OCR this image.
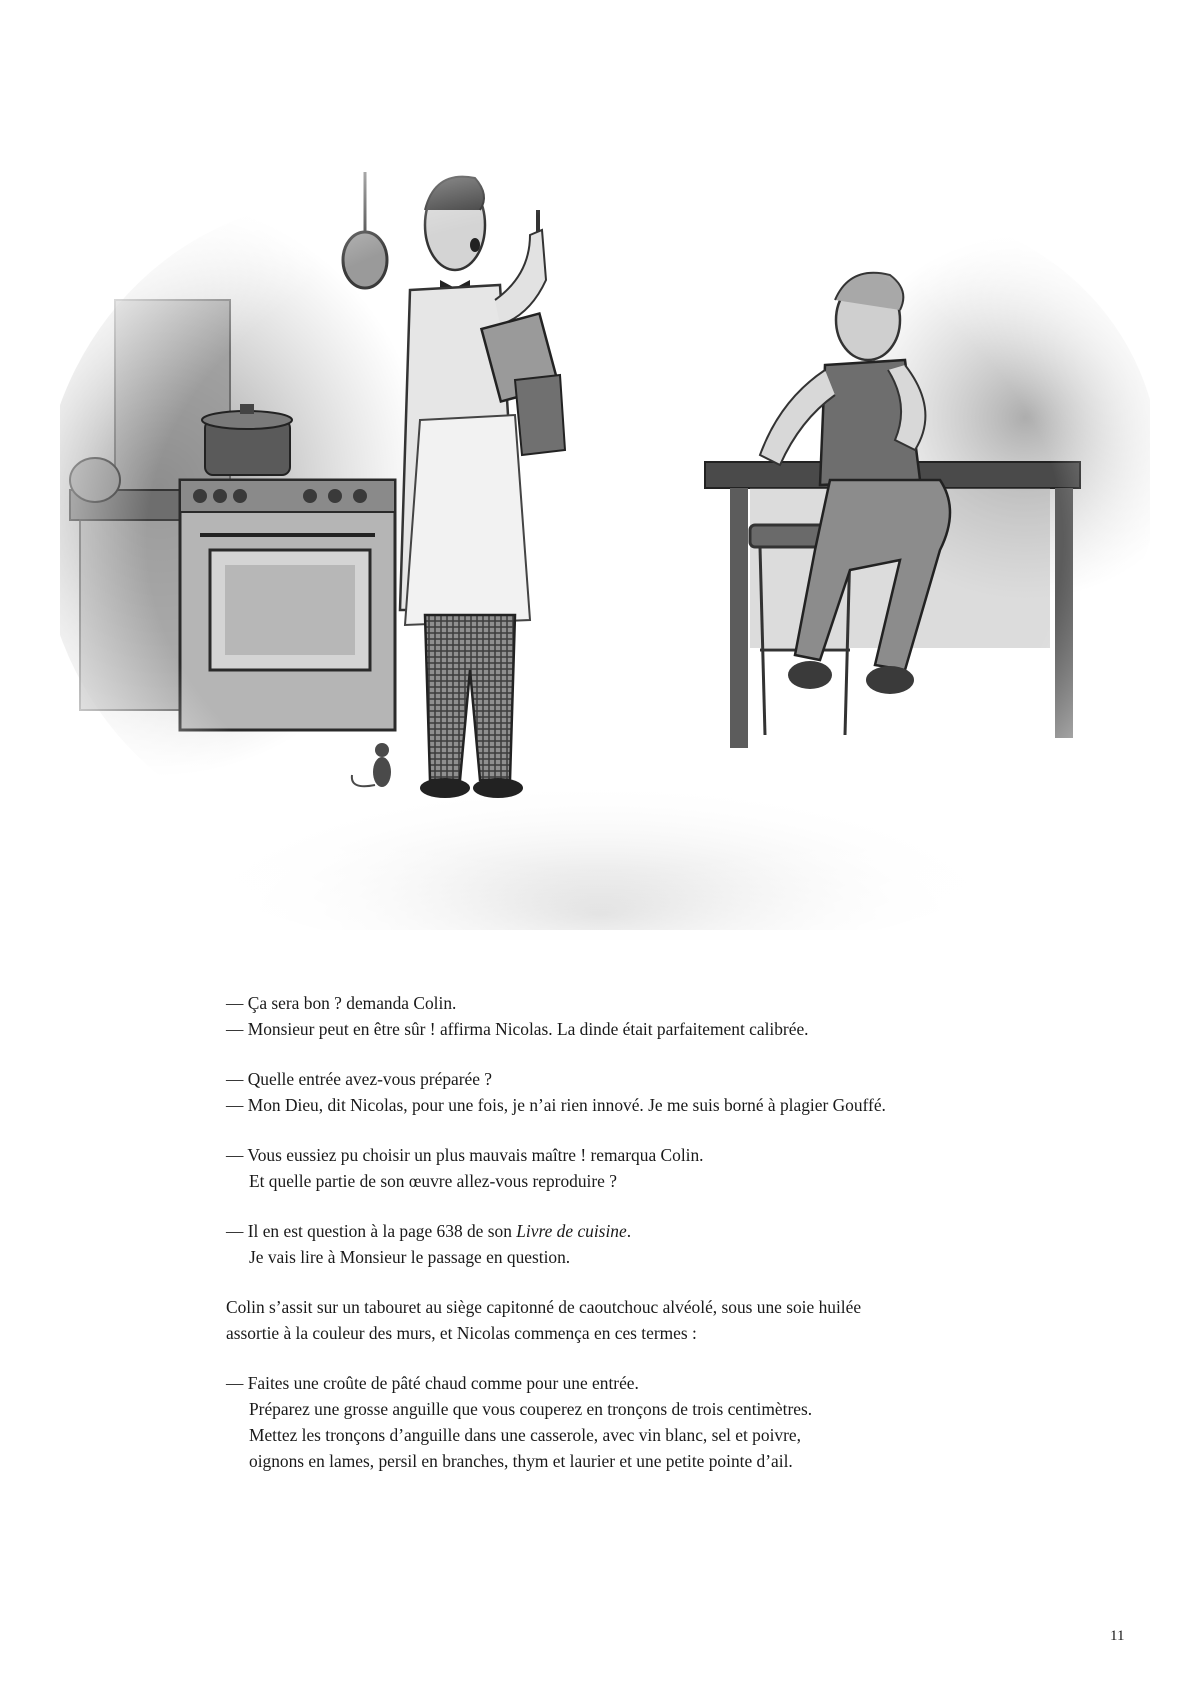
— Ça sera bon ? demanda Colin.
— Monsieur peut en être sûr ! affirma Nicolas. La dinde était parfaitement calibrée.

— Quelle entrée avez-vous préparée ?
— Mon Dieu, dit Nicolas, pour une fois, je n’ai rien innové. Je me suis borné à plagier Gouffé.

— Vous eussiez pu choisir un plus mauvais maître ! remarqua Colin.
Et quelle partie de son œuvre allez-vous reproduire ?

— Il en est question à la page 638 de son Livre de cuisine.
Je vais lire à Monsieur le passage en question.

Colin s’assit sur un tabouret au siège capitonné de caoutchouc alvéolé, sous une soie huilée
assortie à la couleur des murs, et Nicolas commença en ces termes :

— Faites une croûte de pâté chaud comme pour une entrée.
Préparez une grosse anguille que vous couperez en tronçons de trois centimètres.
Mettez les tronçons d’anguille dans une casserole, avec vin blanc, sel et poivre,
oignons en lames, persil en branches, thym et laurier et une petite pointe d’ail.

11
